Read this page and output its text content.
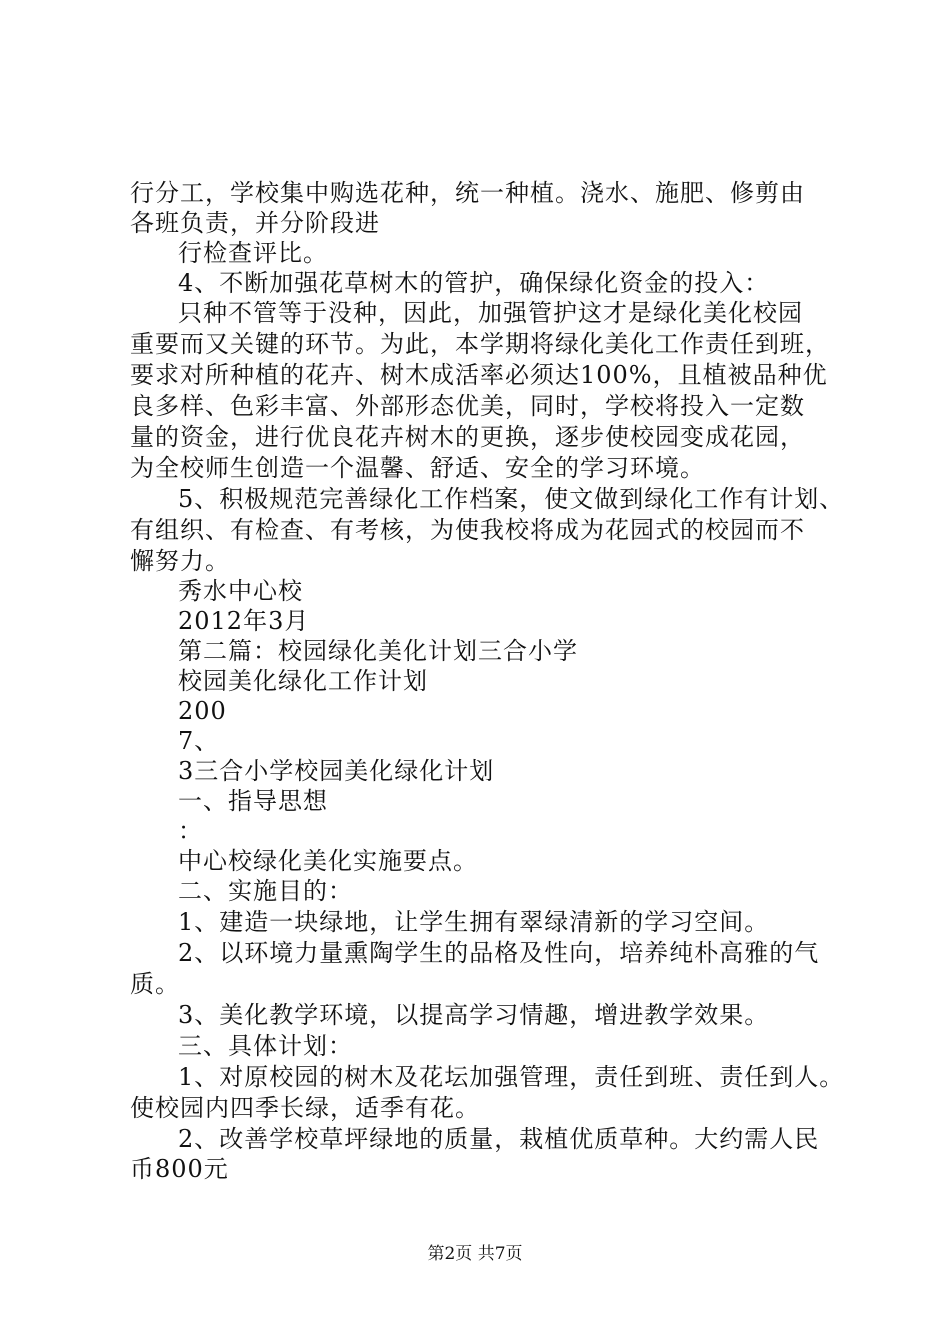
行分工，学校集中购选花种，统一种植。浇水、施肥、修剪由
各班负责，并分阶段进
行检查评比。
4、不断加强花草树木的管护，确保绿化资金的投入：
只种不管等于没种，因此，加强管护这才是绿化美化校园
重要而又关键的环节。为此，本学期将绿化美化工作责任到班，
要求对所种植的花卉、树木成活率必须达100%，且植被品种优
良多样、色彩丰富、外部形态优美，同时，学校将投入一定数
量的资金，进行优良花卉树木的更换，逐步使校园变成花园，
为全校师生创造一个温馨、舒适、安全的学习环境。
5、积极规范完善绿化工作档案，使文做到绿化工作有计划、
有组织、有检查、有考核，为使我校将成为花园式的校园而不
懈努力。
秀水中心校
2012年3月
第二篇：校园绿化美化计划三合小学
校园美化绿化工作计划
200
7、
3三合小学校园美化绿化计划
一、指导思想
：
中心校绿化美化实施要点。
二、实施目的：
1、建造一块绿地，让学生拥有翠绿清新的学习空间。
2、以环境力量熏陶学生的品格及性向，培养纯朴高雅的气
质。
3、美化教学环境，以提高学习情趣，增进教学效果。
三、具体计划：
1、对原校园的树木及花坛加强管理，责任到班、责任到人。
使校园内四季长绿，适季有花。
2、改善学校草坪绿地的质量，栽植优质草种。大约需人民
币800元
第2页 共7页
